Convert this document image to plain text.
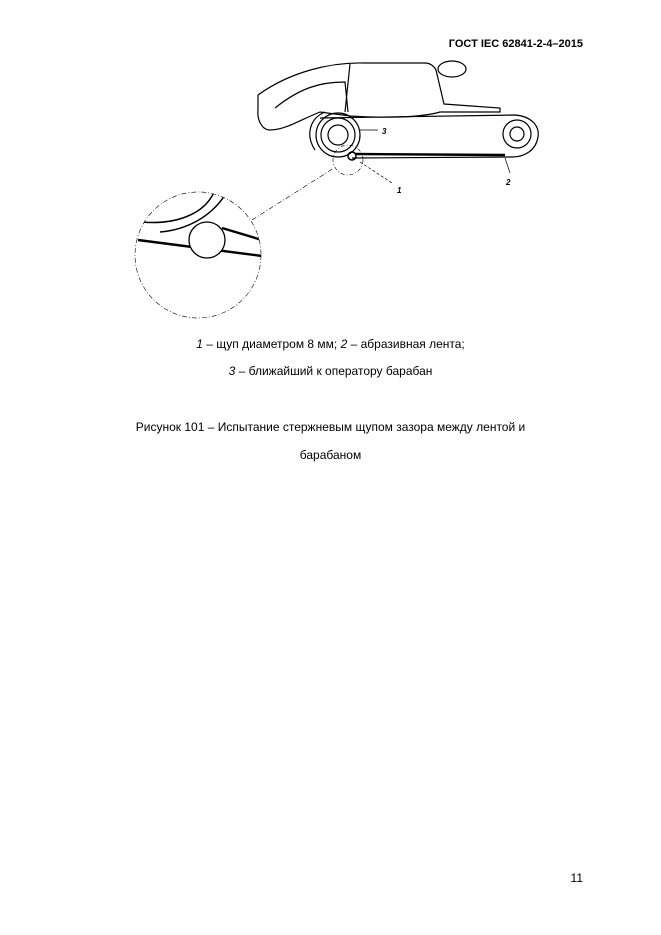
ГОСТ IEC 62841-2-4–2015
3
1
2
1 – щуп диаметром 8 мм; 2 – абразивная лента;
3 – ближайший к оператору барабан
Рисунок 101 – Испытание стержневым щупом зазора между лентой и
барабаном
11
